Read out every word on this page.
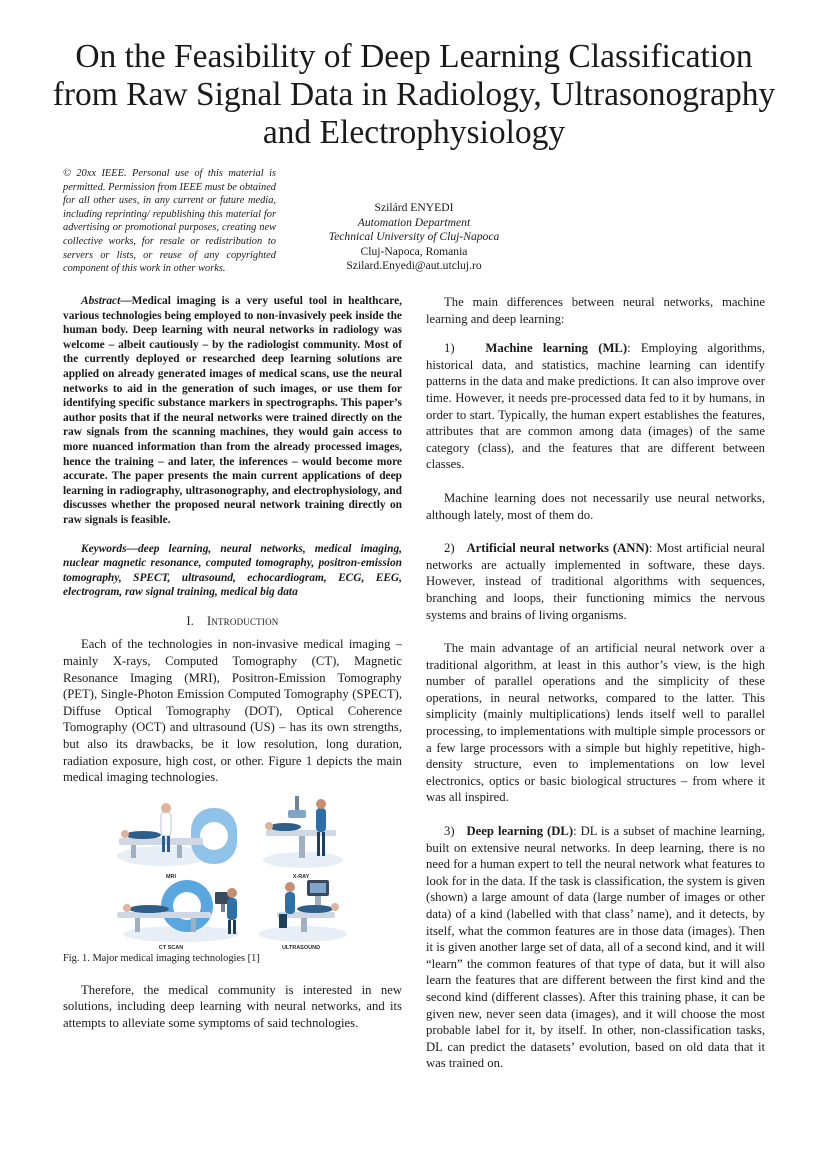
On the Feasibility of Deep Learning Classification from Raw Signal Data in Radiology, Ultrasonography and Electrophysiology
© 20xx IEEE. Personal use of this material is permitted. Permission from IEEE must be obtained for all other uses, in any current or future media, including reprinting/ republishing this material for advertising or promotional purposes, creating new collective works, for resale or redistribution to servers or lists, or reuse of any copyrighted component of this work in other works.
Szilárd ENYEDI
Automation Department
Technical University of Cluj-Napoca
Cluj-Napoca, Romania
Szilard.Enyedi@aut.utcluj.ro

Abstract—Medical imaging is a very useful tool in healthcare, various technologies being employed to non-invasively peek inside the human body. Deep learning with neural networks in radiology was welcome – albeit cautiously – by the radiologist community. Most of the currently deployed or researched deep learning solutions are applied on already generated images of medical scans, use the neural networks to aid in the generation of such images, or use them for identifying specific substance markers in spectrographs. This paper’s author posits that if the neural networks were trained directly on the raw signals from the scanning machines, they would gain access to more nuanced information than from the already processed images, hence the training – and later, the inferences – would become more accurate. The paper presents the main current applications of deep learning in radiography, ultrasonography, and electrophysiology, and discusses whether the proposed neural network training directly on raw signals is feasible.

Keywords—deep learning, neural networks, medical imaging, nuclear magnetic resonance, computed tomography, positron-emission tomography, SPECT, ultrasound, echocardiogram, ECG, EEG, electrogram, raw signal training, medical big data

I. Introduction

Each of the technologies in non-invasive medical imaging – mainly X-rays, Computed Tomography (CT), Magnetic Resonance Imaging (MRI), Positron-Emission Tomography (PET), Single-Photon Emission Computed Tomography (SPECT), Diffuse Optical Tomography (DOT), Optical Coherence Tomography (OCT) and ultrasound (US) – has its own strengths, but also its drawbacks, be it low resolution, long duration, radiation exposure, high cost, or other. Figure 1 depicts the main medical imaging technologies.

MRI	X-RAY
CT SCAN	ULTRASOUND

Fig. 1. Major medical imaging technologies [1]

Therefore, the medical community is interested in new solutions, including deep learning with neural networks, and its attempts to alleviate some symptoms of said technologies.

The main differences between neural networks, machine learning and deep learning:

1) Machine learning (ML): Employing algorithms, historical data, and statistics, machine learning can identify patterns in the data and make predictions. It can also improve over time. However, it needs pre-processed data fed to it by humans, in order to start. Typically, the human expert establishes the features, attributes that are common among data (images) of the same category (class), and the features that are different between classes.

Machine learning does not necessarily use neural networks, although lately, most of them do.

2) Artificial neural networks (ANN): Most artificial neural networks are actually implemented in software, these days. However, instead of traditional algorithms with sequences, branching and loops, their functioning mimics the nervous systems and brains of living organisms.

The main advantage of an artificial neural network over a traditional algorithm, at least in this author’s view, is the high number of parallel operations and the simplicity of these operations, in neural networks, compared to the latter. This simplicity (mainly multiplications) lends itself well to parallel processing, to implementations with multiple simple processors or a few large processors with a simple but highly repetitive, high-density structure, even to implementations on low level electronics, optics or basic biological structures – from where it was all inspired.

3) Deep learning (DL): DL is a subset of machine learning, built on extensive neural networks. In deep learning, there is no need for a human expert to tell the neural network what features to look for in the data. If the task is classification, the system is given (shown) a large amount of data (large number of images or other data) of a kind (labelled with that class’ name), and it detects, by itself, what the common features are in those data (images). Then it is given another large set of data, all of a second kind, and it will “learn” the common features of that type of data, but it will also learn the features that are different between the first kind and the second kind (different classes). After this training phase, it can be given new, never seen data (images), and it will choose the most probable label for it, by itself. In other, non-classification tasks, DL can predict the datasets’ evolution, based on old data that it was trained on.
